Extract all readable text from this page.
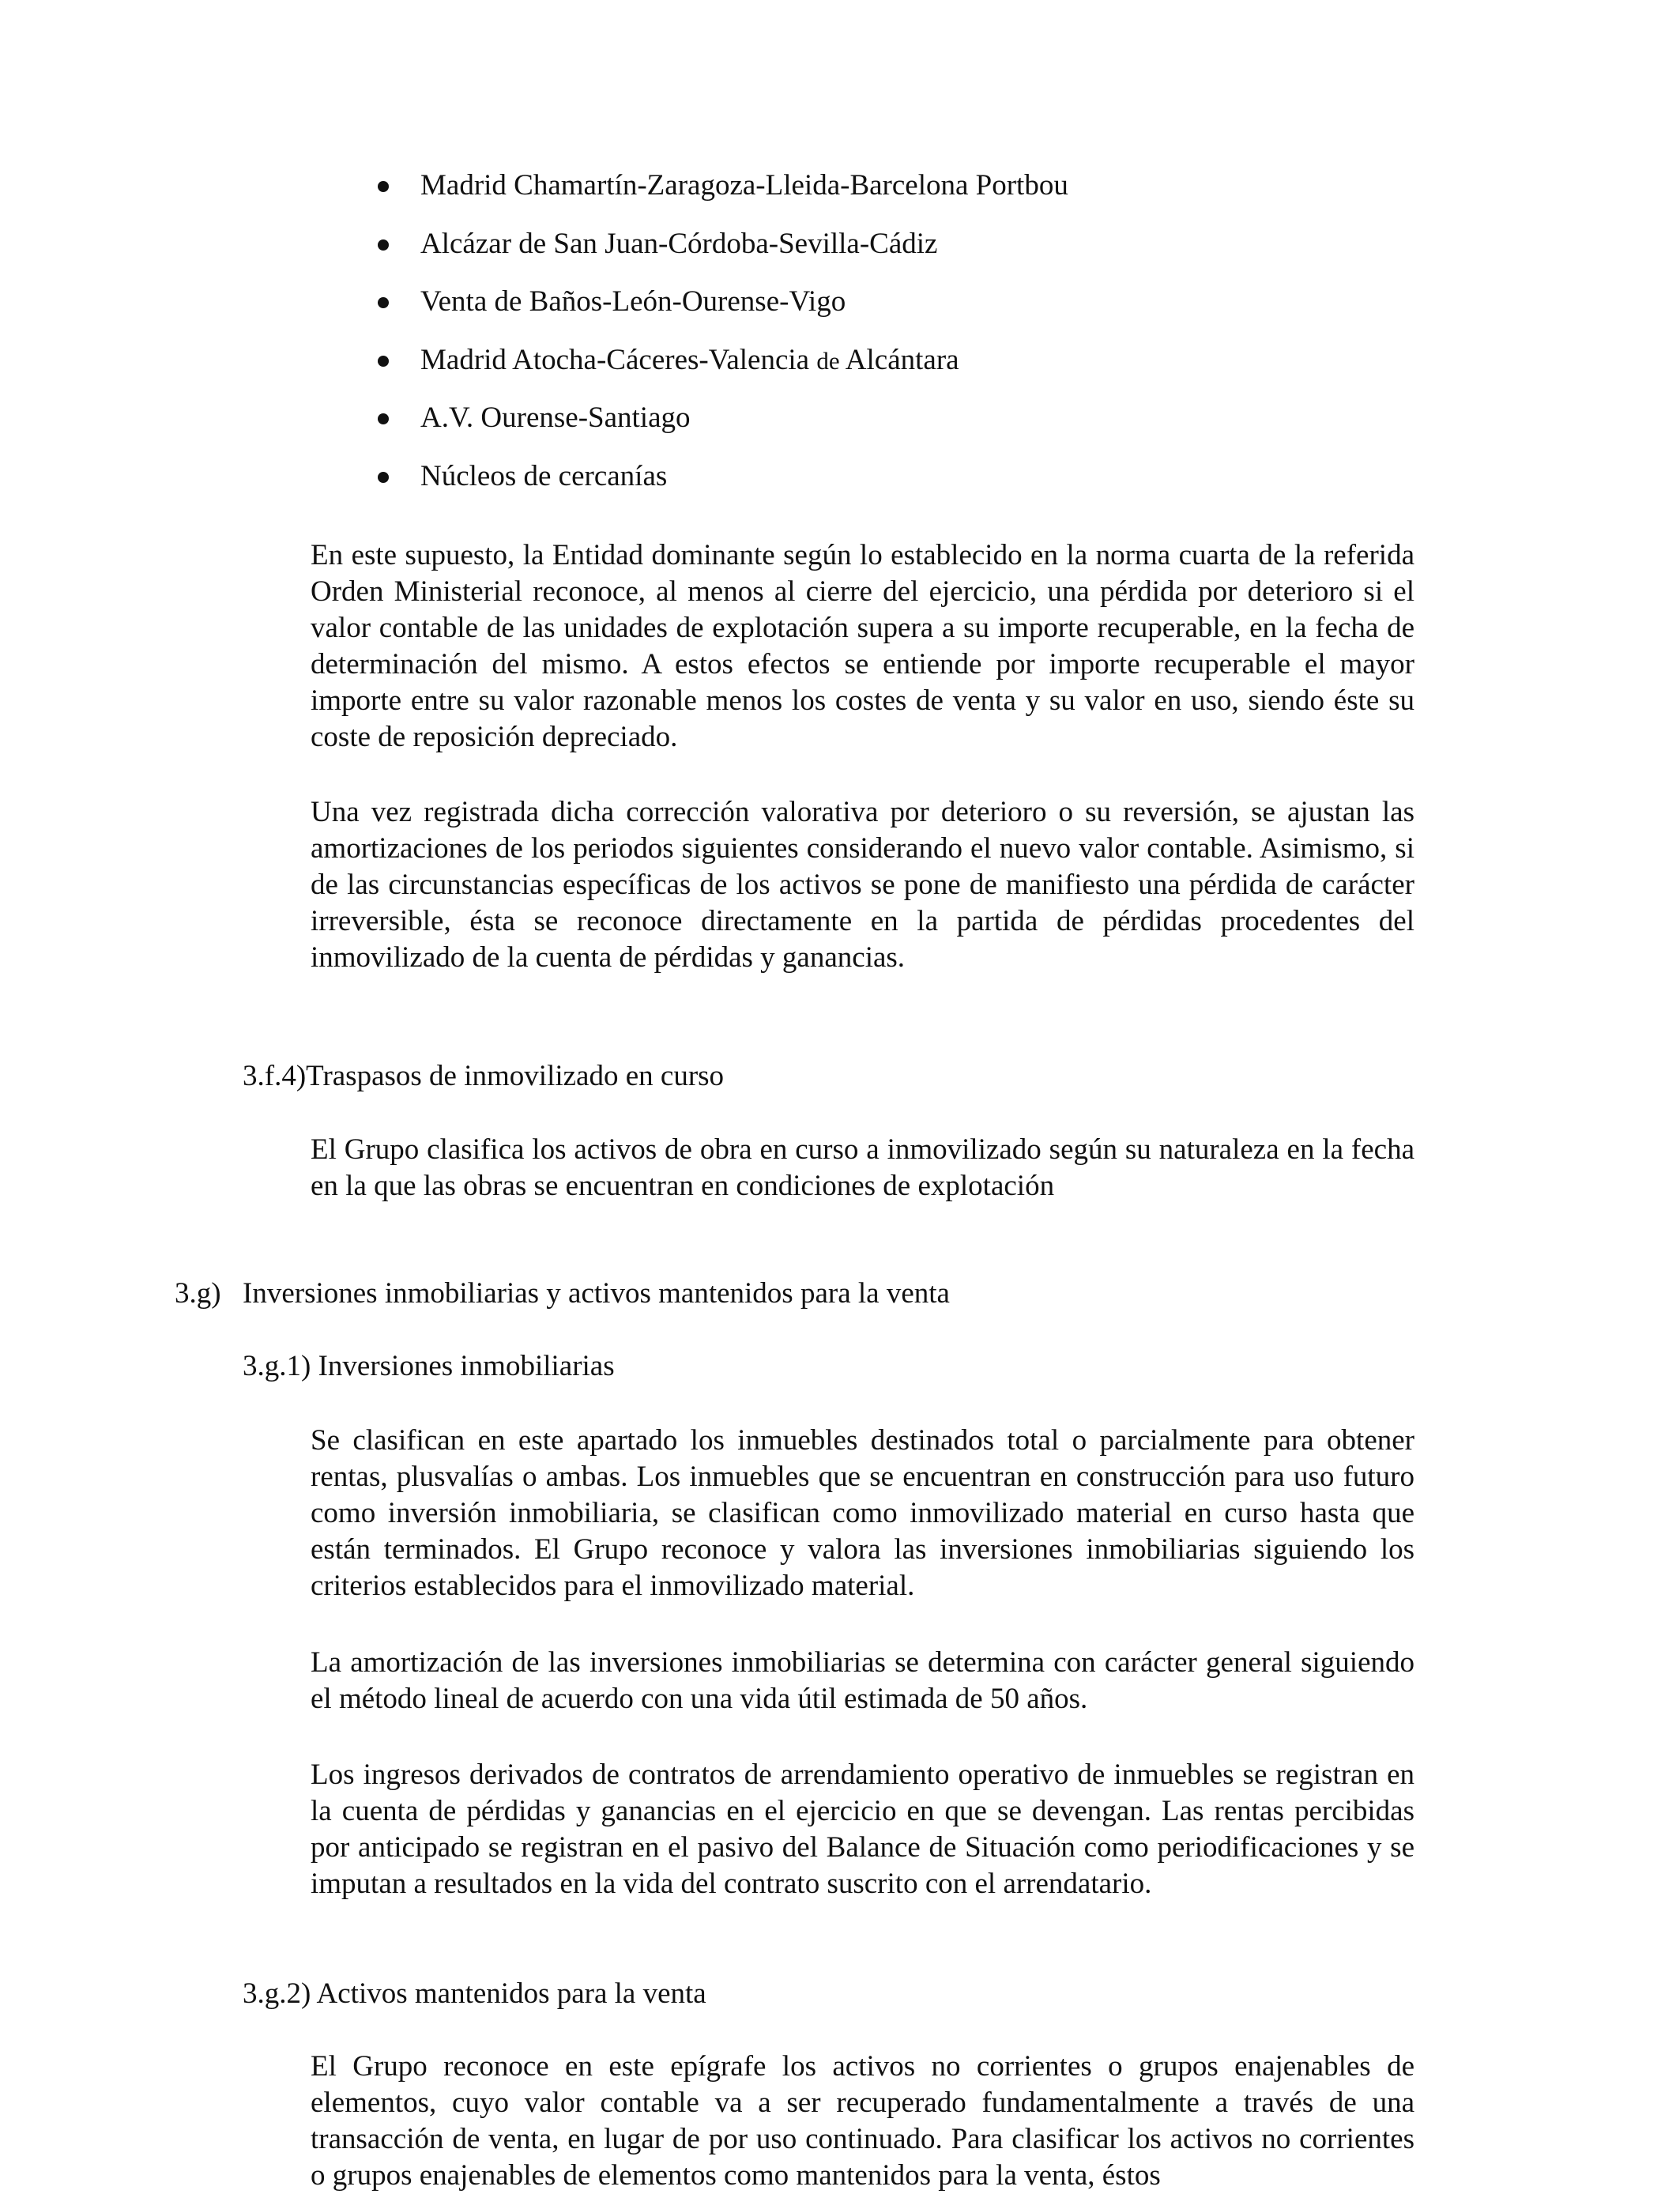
Madrid Chamartín-Zaragoza-Lleida-Barcelona Portbou
Alcázar de San Juan-Córdoba-Sevilla-Cádiz
Venta de Baños-León-Ourense-Vigo
Madrid Atocha-Cáceres-Valencia de Alcántara
A.V. Ourense-Santiago
Núcleos de cercanías

En este supuesto, la Entidad dominante según lo establecido en la norma cuarta de la referida Orden Ministerial reconoce, al menos al cierre del ejercicio, una pérdida por deterioro si el valor contable de las unidades de explotación supera a su importe recuperable, en la fecha de determinación del mismo. A estos efectos se entiende por importe recuperable el mayor importe entre su valor razonable menos los costes de venta y su valor en uso, siendo éste su coste de reposición depreciado.

Una vez registrada dicha corrección valorativa por deterioro o su reversión, se ajustan las amortizaciones de los periodos siguientes considerando el nuevo valor contable. Asimismo, si de las circunstancias específicas de los activos se pone de manifiesto una pérdida de carácter irreversible, ésta se reconoce directamente en la partida de pérdidas procedentes del inmovilizado de la cuenta de pérdidas y ganancias.

3.f.4)Traspasos de inmovilizado en curso

El Grupo clasifica los activos de obra en curso a inmovilizado según su naturaleza en la fecha en la que las obras se encuentran en condiciones de explotación

3.g) Inversiones inmobiliarias y activos mantenidos para la venta

3.g.1) Inversiones inmobiliarias

Se clasifican en este apartado los inmuebles destinados total o parcialmente para obtener rentas, plusvalías o ambas. Los inmuebles que se encuentran en construcción para uso futuro como inversión inmobiliaria, se clasifican como inmovilizado material en curso hasta que están terminados. El Grupo reconoce y valora las inversiones inmobiliarias siguiendo los criterios establecidos para el inmovilizado material.

La amortización de las inversiones inmobiliarias se determina con carácter general siguiendo el método lineal de acuerdo con una vida útil estimada de 50 años.

Los ingresos derivados de contratos de arrendamiento operativo de inmuebles se registran en la cuenta de pérdidas y ganancias en el ejercicio en que se devengan. Las rentas percibidas por anticipado se registran en el pasivo del Balance de Situación como periodificaciones y se imputan a resultados en la vida del contrato suscrito con el arrendatario.

3.g.2) Activos mantenidos para la venta

El Grupo reconoce en este epígrafe los activos no corrientes o grupos enajenables de elementos, cuyo valor contable va a ser recuperado fundamentalmente a través de una transacción de venta, en lugar de por uso continuado. Para clasificar los activos no corrientes o grupos enajenables de elementos como mantenidos para la venta, éstos
